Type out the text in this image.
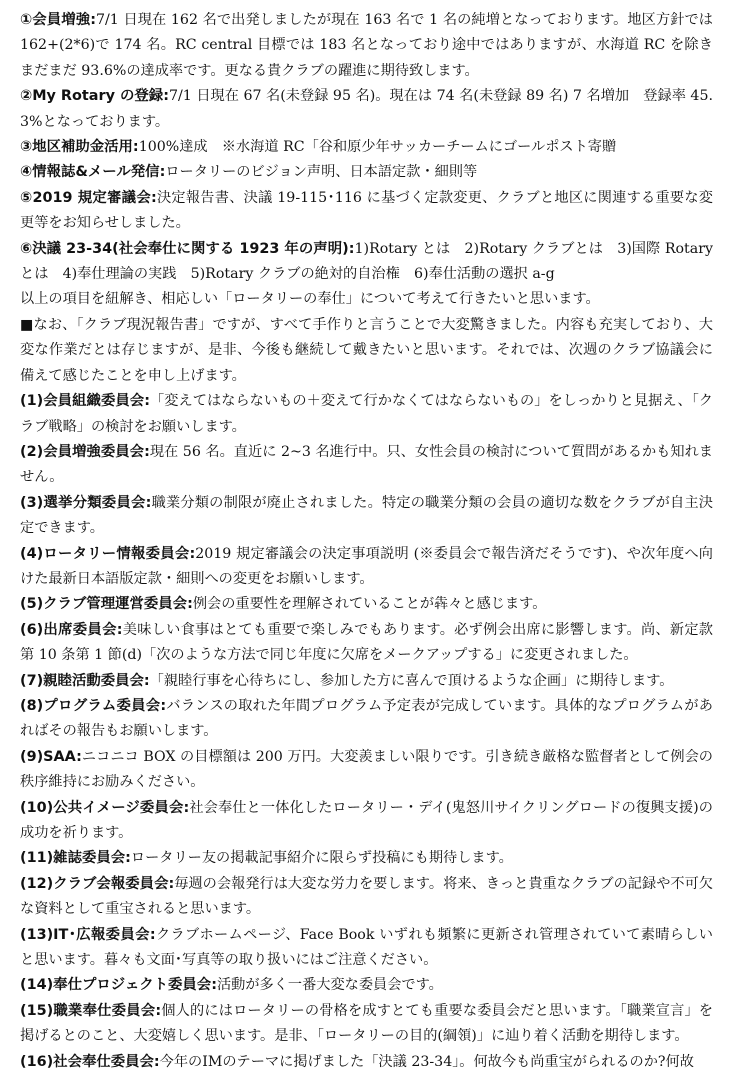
①会員増強:7/1 日現在 162 名で出発しましたが現在 163 名で 1 名の純増となっております。地区方針では 162+(2*6)で 174 名。RC central 目標では 183 名となっており途中ではありますが、水海道 RC を除きまだまだ 93.6%の達成率です。更なる貴クラブの躍進に期待致します。

②My Rotary の登録:7/1 日現在 67 名(未登録 95 名)。現在は 74 名(未登録 89 名) 7 名増加　登録率 45.3%となっております。

③地区補助金活用:100%達成　※水海道 RC「谷和原少年サッカーチームにゴールポスト寄贈

④情報誌&メール発信:ロータリーのビジョン声明、日本語定款・細則等

⑤2019 規定審議会:決定報告書、決議 19-115･116 に基づく定款変更、クラブと地区に関連する重要な変更等をお知らせしました。

⑥決議 23-34(社会奉仕に関する 1923 年の声明):1)Rotary とは　2)Rotary クラブとは　3)国際 Rotary とは　4)奉仕理論の実践　5)Rotary クラブの絶対的自治権　6)奉仕活動の選択 a-g

以上の項目を紐解き、相応しい「ロータリーの奉仕」について考えて行きたいと思います。

■なお、「クラブ現況報告書」ですが、すべて手作りと言うことで大変驚きました。内容も充実しており、大変な作業だとは存じますが、是非、今後も継続して戴きたいと思います。それでは、次週のクラブ協議会に備えて感じたことを申し上げます。

(1)会員組織委員会:「変えてはならないもの＋変えて行かなくてはならないもの」をしっかりと見据え、「クラブ戦略」の検討をお願いします。

(2)会員増強委員会:現在 56 名。直近に 2~3 名進行中。只、女性会員の検討について質問があるかも知れません。

(3)選挙分類委員会:職業分類の制限が廃止されました。特定の職業分類の会員の適切な数をクラブが自主決定できます。

(4)ロータリー情報委員会:2019 規定審議会の決定事項説明 (※委員会で報告済だそうです)、や次年度へ向けた最新日本語版定款・細則への変更をお願いします。

(5)クラブ管理運営委員会:例会の重要性を理解されていることが犇々と感じます。

(6)出席委員会:美味しい食事はとても重要で楽しみでもあります。必ず例会出席に影響します。尚、新定款第 10 条第 1 節(d)「次のような方法で同じ年度に欠席をメークアップする」に変更されました。

(7)親睦活動委員会:「親睦行事を心待ちにし、参加した方に喜んで頂けるような企画」に期待します。

(8)プログラム委員会:バランスの取れた年間プログラム予定表が完成しています。具体的なプログラムがあればその報告もお願いします。

(9)SAA:ニコニコ BOX の目標額は 200 万円。大変羨ましい限りです。引き続き厳格な監督者として例会の秩序維持にお励みください。

(10)公共イメージ委員会:社会奉仕と一体化したロータリー・デイ(鬼怒川サイクリングロードの復興支援)の成功を祈ります。

(11)雑誌委員会:ロータリー友の掲載記事紹介に限らず投稿にも期待します。

(12)クラブ会報委員会:毎週の会報発行は大変な労力を要します。将来、きっと貴重なクラブの記録や不可欠な資料として重宝されると思います。

(13)IT･広報委員会:クラブホームページ、Face Book いずれも頻繁に更新され管理されていて素晴らしいと思います。暮々も文面･写真等の取り扱いにはご注意ください。

(14)奉仕プロジェクト委員会:活動が多く一番大変な委員会です。

(15)職業奉仕委員会:個人的にはロータリーの骨格を成すとても重要な委員会だと思います。「職業宣言」を掲げるとのこと、大変嬉しく思います。是非、「ロータリーの目的(綱領)」に辿り着く活動を期待します。

(16)社会奉仕委員会:今年のIMのテーマに掲げました「決議 23-34」。何故今も尚重宝がられるのか?何故
